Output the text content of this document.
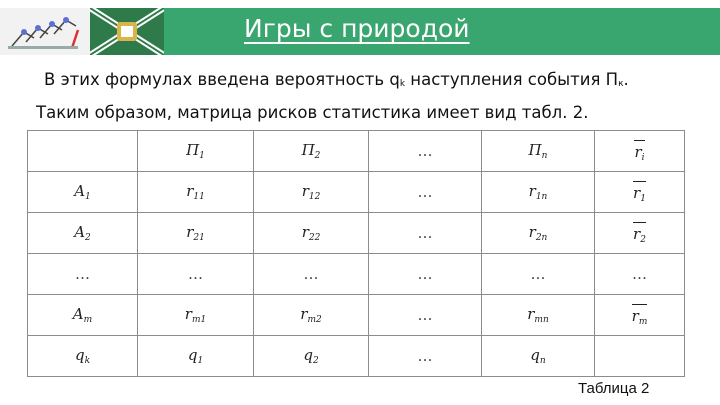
Игры с природой
В этих формулах введена вероятность $q_k$ наступления события $П_к$.
Таким образом, матрица рисков статистика имеет вид табл. 2.
	$П_1$	$П_2$	…	$П_n$	$r_i$
$A_1$	$r_{11}$	$r_{12}$	…	$r_{1n}$	$r_1$
$A_2$	$r_{21}$	$r_{22}$	…	$r_{2n}$	$r_2$
…	…	…	…	…	…
$A_m$	$r_{m1}$	$r_{m2}$	…	$r_{mn}$	$r_m$
$q_k$	$q_1$	$q_2$	…	$q_n$	
Таблица 2
